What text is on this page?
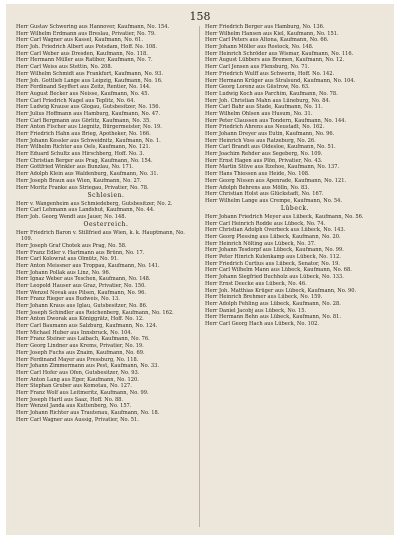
158
Herr Gustav Schwering aus Hannover, Kaufmann, No. 154.
Herr Wilhelm Erdmann aus Breslau, Privatier, No. 79.
Herr Carl Wagner aus Kassel, Kaufmann, No. 61.
Herr Joh. Friedrich Albert aus Potsdam, Hoff. No. 108.
Herr Carl Weber aus Dresden, Kaufmann, No. 118.
Herr Hermann Müller aus Ratibor, Kaufmann, No. 7.
Herr Carl Weiss aus Stettin, No. 208.
Herr Wilhelm Schmidt aus Frankfurt, Kaufmann, No. 93.
Herr Joh. Gottlieb Lange aus Leipzig, Kaufmann, No. 16.
Herr Ferdinand Seyffert aus Zeitz, Rentier, No. 144.
Herr August Becker aus Neisse, Kaufmann, No. 45.
Herr Carl Friedrich Nagel aus Teplitz, No. 64.
Herr Ludwig Krause aus Glogau, Gutsbesitzer, No. 156.
Herr Julius Hoffmann aus Hamburg, Kaufmann, No. 47.
Herr Carl Bergmann aus Görlitz, Kaufmann, No. 35.
Herr Anton Fischer aus Liegnitz, Bürgermeister, No. 19.
Herr Friedrich Hahn aus Brieg, Apotheker, No. 166.
Herr Johann Kessler aus Schweidnitz, Kaufmann, No. 1.
Herr Wilhelm Richter aus Oels, Kaufmann, No. 121.
Herr Eduard Schultz aus Hirschberg, Hoff. No. 3.
Herr Christian Berger aus Prag, Kaufmann, No. 154.
Herr Gottfried Winkler aus Bunzlau, No. 171.
Herr Adolph Klein aus Waldenburg, Kaufmann, No. 31.
Herr Joseph Braun aus Wien, Kaufmann, No. 27.
Herr Moritz Franke aus Striegau, Privatier, No. 78.
Schlesien.
Herr v. Wangenheim aus Schmiedeberg, Gutsbesitzer, No. 2.
Herr Carl Lehmann aus Landshut, Kaufmann, No. 44.
Herr Joh. Georg Wendt aus Jauer, No. 148.
Oesterreich.
Herr Friedrich Baron v. Stillfried aus Wien, k. k. Hauptmann, No. 109.
Herr Joseph Graf Chotek aus Prag, No. 58.
Herr Franz Edler v. Hartmann aus Brünn, No. 17.
Herr Carl Kolowrat aus Olmütz, No. 91.
Herr Anton Meissner aus Troppau, Kaufmann, No. 141.
Herr Johann Pollak aus Linz, No. 96.
Herr Ignaz Weber aus Teschen, Kaufmann, No. 148.
Herr Leopold Hauser aus Graz, Privatier, No. 150.
Herr Wenzel Novak aus Pilsen, Kaufmann, No. 96.
Herr Franz Rieger aus Budweis, No. 13.
Herr Johann Kraus aus Iglau, Gutsbesitzer, No. 86.
Herr Joseph Schindler aus Reichenberg, Kaufmann, No. 162.
Herr Anton Dworak aus Königgrätz, Hoff. No. 12.
Herr Carl Baumann aus Salzburg, Kaufmann, No. 124.
Herr Michael Huber aus Innsbruck, No. 104.
Herr Franz Steiner aus Laibach, Kaufmann, No. 76.
Herr Georg Lindner aus Krems, Privatier, No. 19.
Herr Joseph Fuchs aus Znaim, Kaufmann, No. 69.
Herr Ferdinand Mayer aus Pressburg, No. 118.
Herr Johann Zimmermann aus Pest, Kaufmann, No. 33.
Herr Carl Hofer aus Ofen, Gutsbesitzer, No. 93.
Herr Anton Lang aus Eger, Kaufmann, No. 120.
Herr Stephan Gruber aus Komotau, No. 127.
Herr Franz Wolf aus Leitmeritz, Kaufmann, No. 99.
Herr Joseph Hartl aus Saaz, Hoff. No. 88.
Herr Wenzel Janda aus Kuttenberg, No. 157.
Herr Johann Richter aus Trautenau, Kaufmann, No. 18.
Herr Carl Wagner aus Aussig, Privatier, No. 51.
Herr Friedrich Berger aus Hamburg, No. 136.
Herr Wilhelm Hansen aus Kiel, Kaufmann, No. 151.
Herr Carl Peters aus Altona, Kaufmann, No. 66.
Herr Johann Möller aus Rostock, No. 148.
Herr Heinrich Schröder aus Wismar, Kaufmann, No. 116.
Herr August Lübbers aus Bremen, Kaufmann, No. 12.
Herr Carl Jensen aus Flensburg, No. 71.
Herr Friedrich Wulff aus Schwerin, Hoff. No. 142.
Herr Hermann Krüger aus Stralsund, Kaufmann, No. 104.
Herr Georg Lorenz aus Güstrow, No. 63.
Herr Ludwig Koch aus Parchim, Kaufmann, No. 78.
Herr Joh. Christian Mahn aus Lüneburg, No. 84.
Herr Carl Bahr aus Stade, Kaufmann, No. 11.
Herr Wilhelm Ohlsen aus Husum, No. 31.
Herr Peter Claussen aus Tondern, Kaufmann, No. 144.
Herr Friedrich Ahrens aus Neustadt, No. 162.
Herr Johann Dreyer aus Eutin, Kaufmann, No. 96.
Herr Heinrich Voss aus Ratzeburg, No. 26.
Herr Carl Brandt aus Oldesloe, Kaufmann, No. 51.
Herr Joachim Rehder aus Segeberg, No. 109.
Herr Ernst Hagen aus Plön, Privatier, No. 43.
Herr Martin Stüve aus Itzehoe, Kaufmann, No. 137.
Herr Hans Thiessen aus Heide, No. 108.
Herr Georg Nissen aus Apenrade, Kaufmann, No. 121.
Herr Adolph Behrens aus Mölln, No. 83.
Herr Christian Holst aus Glückstadt, No. 167.
Herr Wilhelm Lange aus Crempe, Kaufmann, No. 54.
Lübeck.
Herr Johann Friedrich Meyer aus Lübeck, Kaufmann, No. 56.
Herr Carl Heinrich Rodde aus Lübeck, No. 74.
Herr Christian Adolph Overbeck aus Lübeck, No. 143.
Herr Georg Plessing aus Lübeck, Kaufmann, No. 20.
Herr Heinrich Nölting aus Lübeck, No. 37.
Herr Johann Tesdorpf aus Lübeck, Kaufmann, No. 99.
Herr Peter Hinrich Kulenkamp aus Lübeck, No. 112.
Herr Friedrich Curtius aus Lübeck, Senator, No. 19.
Herr Carl Wilhelm Mann aus Lübeck, Kaufmann, No. 68.
Herr Johann Siegfried Buchholz aus Lübeck, No. 133.
Herr Ernst Deecke aus Lübeck, No. 46.
Herr Joh. Matthias Krüger aus Lübeck, Kaufmann, No. 90.
Herr Heinrich Brehmer aus Lübeck, No. 159.
Herr Adolph Fehling aus Lübeck, Kaufmann, No. 28.
Herr Daniel Jacobj aus Lübeck, No. 15.
Herr Hermann Behn aus Lübeck, Kaufmann, No. 81.
Herr Carl Georg Hach aus Lübeck, No. 102.
